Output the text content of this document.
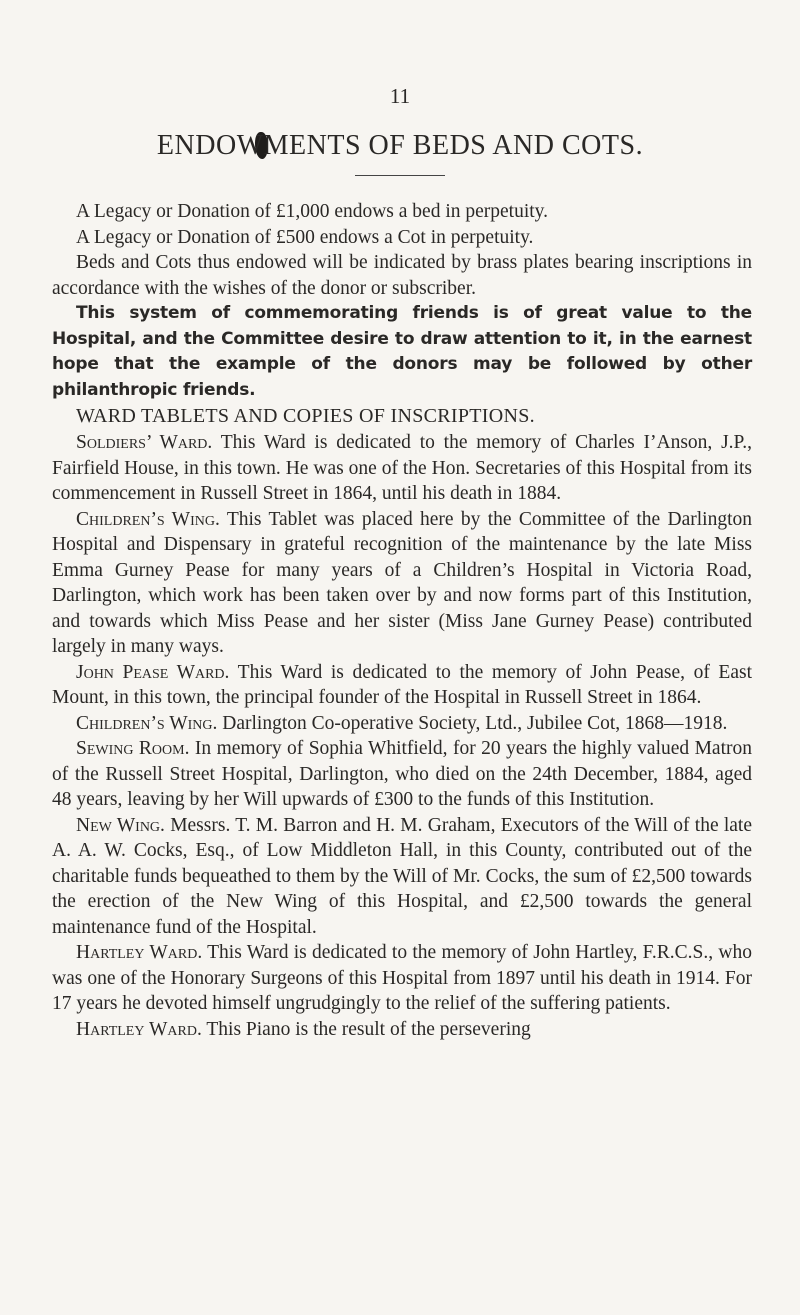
11
ENDOWMENTS OF BEDS AND COTS.

A Legacy or Donation of £1,000 endows a bed in perpetuity.

A Legacy or Donation of £500 endows a Cot in perpetuity.

Beds and Cots thus endowed will be indicated by brass plates bearing inscriptions in accordance with the wishes of the donor or subscriber.

This system of commemorating friends is of great value to the Hospital, and the Committee desire to draw attention to it, in the earnest hope that the example of the donors may be followed by other philanthropic friends.

WARD TABLETS AND COPIES OF INSCRIPTIONS.

Soldiers’ Ward. This Ward is dedicated to the memory of Charles I’Anson, J.P., Fairfield House, in this town. He was one of the Hon. Secretaries of this Hospital from its commencement in Russell Street in 1864, until his death in 1884.

Children’s Wing. This Tablet was placed here by the Committee of the Darlington Hospital and Dispensary in grateful recognition of the maintenance by the late Miss Emma Gurney Pease for many years of a Children’s Hospital in Victoria Road, Darlington, which work has been taken over by and now forms part of this Institution, and towards which Miss Pease and her sister (Miss Jane Gurney Pease) contributed largely in many ways.

John Pease Ward. This Ward is dedicated to the memory of John Pease, of East Mount, in this town, the principal founder of the Hospital in Russell Street in 1864.

Children’s Wing. Darlington Co-operative Society, Ltd., Jubilee Cot, 1868—1918.

Sewing Room. In memory of Sophia Whitfield, for 20 years the highly valued Matron of the Russell Street Hospital, Darlington, who died on the 24th December, 1884, aged 48 years, leaving by her Will upwards of £300 to the funds of this Institution.

New Wing. Messrs. T. M. Barron and H. M. Graham, Executors of the Will of the late A. A. W. Cocks, Esq., of Low Middleton Hall, in this County, contributed out of the charitable funds bequeathed to them by the Will of Mr. Cocks, the sum of £2,500 towards the erection of the New Wing of this Hospital, and £2,500 towards the general maintenance fund of the Hospital.

Hartley Ward. This Ward is dedicated to the memory of John Hartley, F.R.C.S., who was one of the Honorary Surgeons of this Hospital from 1897 until his death in 1914. For 17 years he devoted himself ungrudgingly to the relief of the suffering patients.

Hartley Ward. This Piano is the result of the persevering
